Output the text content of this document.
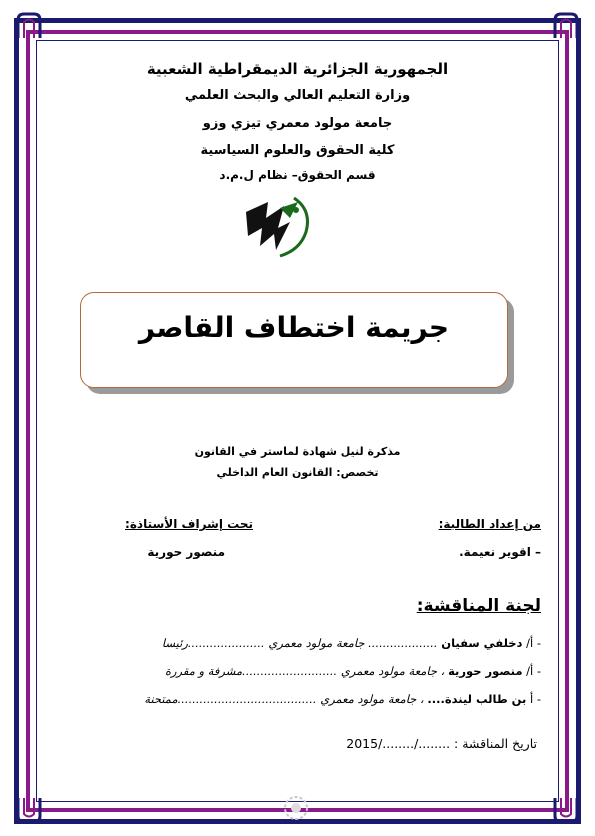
الجمهورية الجزائرية الديمقراطية الشعبية
وزارة التعليم العالي والبحث العلمي
جامعة مولود معمري تيزي وزو
كلية الحقوق والعلوم السياسية
قسم الحقوق– نظام ل.م.د
جريمة اختطاف القاصر
مذكرة لنيل شهادة لماستر في القانون
تخصص: القانون العام الداخلي
من إعداد الطالبة:
تحت إشراف الأستاذة:
– اقوير نعيمة.
منصور حورية
لجنة المناقشة:
- أ/ دخلفي سفيان ................... جامعة مولود معمري .....................رئيسا
- أ/ منصور حورية ، جامعة مولود معمري ..........................مشرفة و مقررة
- أ بن طالب ليندة.... ، جامعة مولود معمري ......................................ممتحنة
تاريخ المناقشة : ......../......../2015
